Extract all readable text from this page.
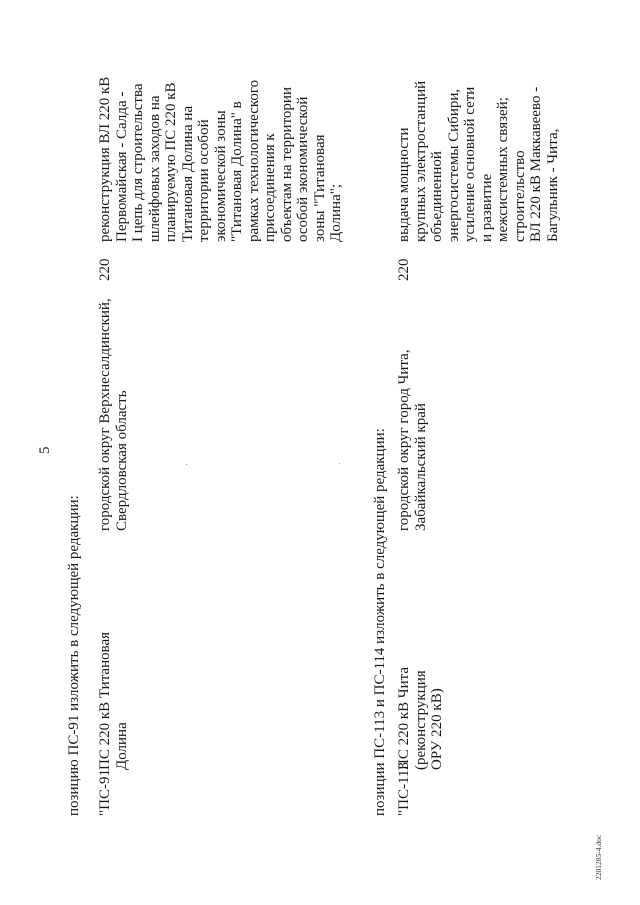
5
позицию ПС-91 изложить в следующей редакции: "ПС-91
ПС 220 кВ Титановая
Долина
городской округ Верхнесалдинский,
Свердловская область
220
реконструкция ВЛ 220 кВ
Первомайская - Салда -
I цепь для строительства
шлейфовых заходов на
планируемую ПС 220 кВ
Титановая Долина на
территории особой
экономической зоны
"Титановая Долина" в
рамках технологического
присоединения к
объектам на территории
особой экономической
зоны "Титановая
Долина";
позиции ПС-113 и ПС-114 изложить в следующей редакции: "ПС-113
ПС 220 кВ Чита
(реконструкция
ОРУ 220 кВ)
городской округ город Чита,
Забайкальский край
220
выдача мощности
крупных электростанций
объединенной
энергосистемы Сибири,
усиление основной сети
и развитие
межсистемных связей;
строительство
ВЛ 220 кВ Маккавеево -
Багульник - Чита,
2201285-4.doc
